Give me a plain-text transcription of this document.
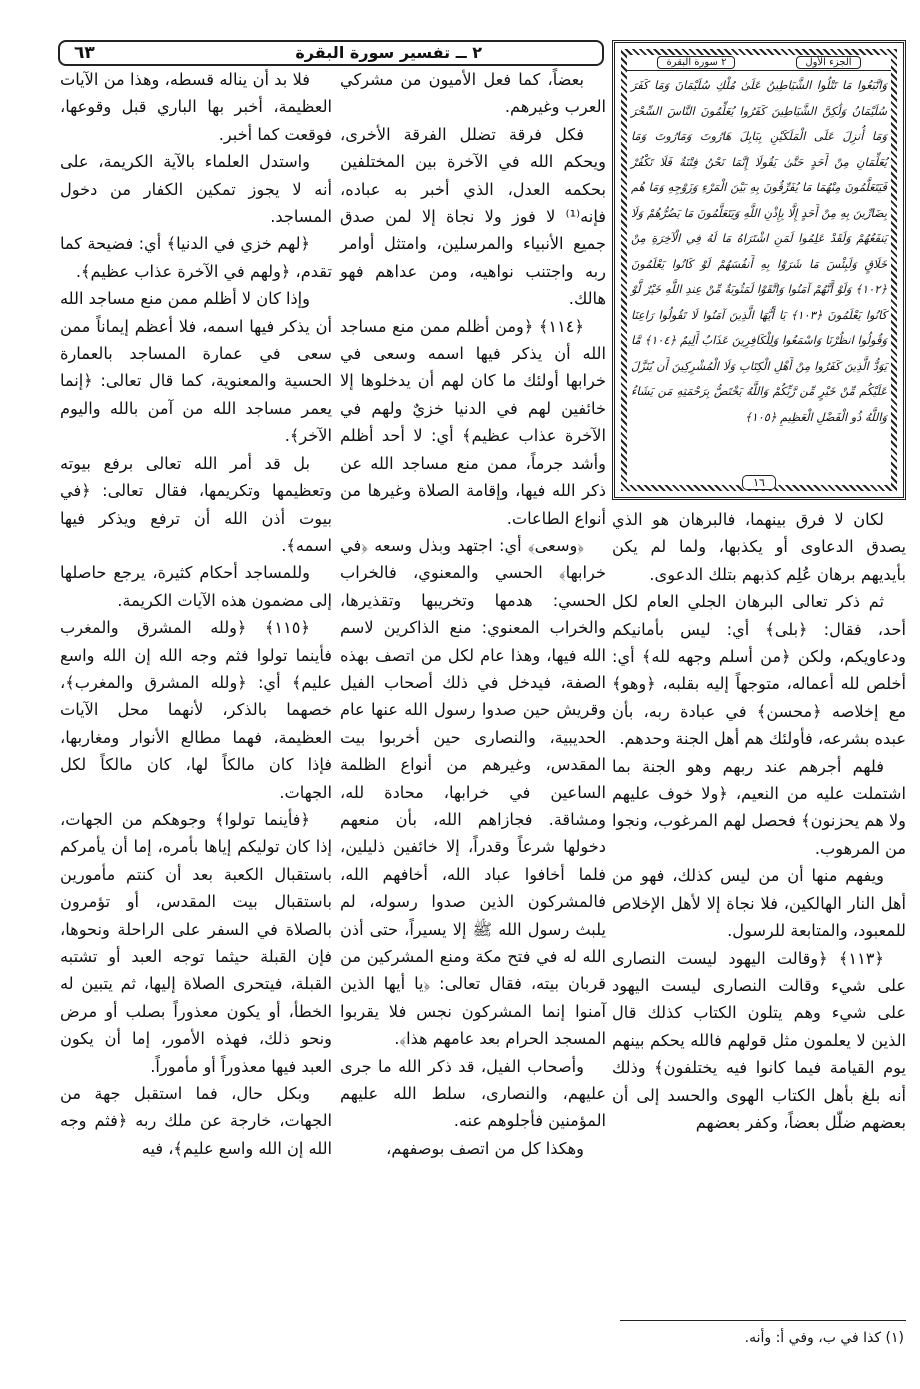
٦٣	٢ ــ تفسير سورة البقرة
الجزء الأول
٢ سورة البقرة
وَاتَّبَعُوا مَا تَتْلُوا الشَّيَاطِينُ عَلَىٰ مُلْكِ سُلَيْمَانَ وَمَا كَفَرَ سُلَيْمَانُ وَلَٰكِنَّ الشَّيَاطِينَ كَفَرُوا يُعَلِّمُونَ النَّاسَ السِّحْرَ وَمَا أُنزِلَ عَلَى الْمَلَكَيْنِ بِبَابِلَ هَارُوتَ وَمَارُوتَ وَمَا يُعَلِّمَانِ مِنْ أَحَدٍ حَتَّىٰ يَقُولَا إِنَّمَا نَحْنُ فِتْنَةٌ فَلَا تَكْفُرْ فَيَتَعَلَّمُونَ مِنْهُمَا مَا يُفَرِّقُونَ بِهِ بَيْنَ الْمَرْءِ وَزَوْجِهِ وَمَا هُم بِضَارِّينَ بِهِ مِنْ أَحَدٍ إِلَّا بِإِذْنِ اللَّهِ وَيَتَعَلَّمُونَ مَا يَضُرُّهُمْ وَلَا يَنفَعُهُمْ وَلَقَدْ عَلِمُوا لَمَنِ اشْتَرَاهُ مَا لَهُ فِي الْآخِرَةِ مِنْ خَلَاقٍ وَلَبِئْسَ مَا شَرَوْا بِهِ أَنفُسَهُمْ لَوْ كَانُوا يَعْلَمُونَ ﴿١٠٢﴾ وَلَوْ أَنَّهُمْ آمَنُوا وَاتَّقَوْا لَمَثُوبَةٌ مِّنْ عِندِ اللَّهِ خَيْرٌ لَّوْ كَانُوا يَعْلَمُونَ ﴿١٠٣﴾ يَا أَيُّهَا الَّذِينَ آمَنُوا لَا تَقُولُوا رَاعِنَا وَقُولُوا انظُرْنَا وَاسْمَعُوا وَلِلْكَافِرِينَ عَذَابٌ أَلِيمٌ ﴿١٠٤﴾ مَّا يَوَدُّ الَّذِينَ كَفَرُوا مِنْ أَهْلِ الْكِتَابِ وَلَا الْمُشْرِكِينَ أَن يُنَزَّلَ عَلَيْكُم مِّنْ خَيْرٍ مِّن رَّبِّكُمْ وَاللَّهُ يَخْتَصُّ بِرَحْمَتِهِ مَن يَشَاءُ وَاللَّهُ ذُو الْفَضْلِ الْعَظِيمِ ﴿١٠٥﴾
١٦

لكان لا فرق بينهما، فالبرهان هو الذي يصدق الدعاوى أو يكذبها، ولما لم يكن بأيديهم برهان عُلِم كذبهم بتلك الدعوى.

ثم ذكر تعالى البرهان الجلي العام لكل أحد، فقال: ﴿بلى﴾ أي: ليس بأمانيكم ودعاويكم، ولكن ﴿من أسلم وجهه لله﴾ أي: أخلص لله أعماله، متوجهاً إليه بقلبه، ﴿وهو﴾ مع إخلاصه ﴿محسن﴾ في عبادة ربه، بأن عبده بشرعه، فأولئك هم أهل الجنة وحدهم.

فلهم أجرهم عند ربهم وهو الجنة بما اشتملت عليه من النعيم، ﴿ولا خوف عليهم ولا هم يحزنون﴾ فحصل لهم المرغوب، ونجوا من المرهوب.

ويفهم منها أن من ليس كذلك، فهو من أهل النار الهالكين، فلا نجاة إلا لأهل الإخلاص للمعبود، والمتابعة للرسول.

﴿١١٣﴾ ﴿وقالت اليهود ليست النصارى على شيء وقالت النصارى ليست اليهود على شيء وهم يتلون الكتاب كذلك قال الذين لا يعلمون مثل قولهم فالله يحكم بينهم يوم القيامة فيما كانوا فيه يختلفون﴾ وذلك أنه بلغ بأهل الكتاب الهوى والحسد إلى أن بعضهم ضلّل بعضاً، وكفر بعضهم

بعضاً، كما فعل الأميون من مشركي العرب وغيرهم.

فكل فرقة تضلل الفرقة الأخرى، ويحكم الله في الآخرة بين المختلفين بحكمه العدل، الذي أخبر به عباده، فإنه⁽¹⁾ لا فوز ولا نجاة إلا لمن صدق جميع الأنبياء والمرسلين، وامتثل أوامر ربه واجتنب نواهيه، ومن عداهم فهو هالك.

﴿١١٤﴾ ﴿ومن أظلم ممن منع مساجد الله أن يذكر فيها اسمه وسعى في خرابها أولئك ما كان لهم أن يدخلوها إلا خائفين لهم في الدنيا خزيٌ ولهم في الآخرة عذاب عظيم﴾ أي: لا أحد أظلم وأشد جرماً، ممن منع مساجد الله عن ذكر الله فيها، وإقامة الصلاة وغيرها من أنواع الطاعات.

﴿وسعى﴾ أي: اجتهد وبذل وسعه ﴿في خرابها﴾ الحسي والمعنوي، فالخراب الحسي: هدمها وتخريبها وتقذيرها، والخراب المعنوي: منع الذاكرين لاسم الله فيها، وهذا عام لكل من اتصف بهذه الصفة، فيدخل في ذلك أصحاب الفيل وقريش حين صدوا رسول الله عنها عام الحديبية، والنصارى حين أخربوا بيت المقدس، وغيرهم من أنواع الظلمة الساعين في خرابها، محادة لله، ومشاقة. فجازاهم الله، بأن منعهم دخولها شرعاً وقدراً، إلا خائفين ذليلين، فلما أخافوا عباد الله، أخافهم الله، فالمشركون الذين صدوا رسوله، لم يلبث رسول الله ﷺ إلا يسيراً، حتى أذن الله له في فتح مكة ومنع المشركين من قربان بيته، فقال تعالى: ﴿يا أيها الذين آمنوا إنما المشركون نجس فلا يقربوا المسجد الحرام بعد عامهم هذا﴾.

وأصحاب الفيل، قد ذكر الله ما جرى عليهم، والنصارى، سلط الله عليهم المؤمنين فأجلوهم عنه.

وهكذا كل من اتصف بوصفهم،

فلا بد أن يناله قسطه، وهذا من الآيات العظيمة، أخبر بها الباري قبل وقوعها، فوقعت كما أخبر.

واستدل العلماء بالآية الكريمة، على أنه لا يجوز تمكين الكفار من دخول المساجد.

﴿لهم خزي في الدنيا﴾ أي: فضيحة كما تقدم، ﴿ولهم في الآخرة عذاب عظيم﴾.

وإذا كان لا أظلم ممن منع مساجد الله أن يذكر فيها اسمه، فلا أعظم إيماناً ممن سعى في عمارة المساجد بالعمارة الحسية والمعنوية، كما قال تعالى: ﴿إنما يعمر مساجد الله من آمن بالله واليوم الآخر﴾.

بل قد أمر الله تعالى برفع بيوته وتعظيمها وتكريمها، فقال تعالى: ﴿في بيوت أذن الله أن ترفع ويذكر فيها اسمه﴾.

وللمساجد أحكام كثيرة، يرجع حاصلها إلى مضمون هذه الآيات الكريمة.

﴿١١٥﴾ ﴿ولله المشرق والمغرب فأينما تولوا فثم وجه الله إن الله واسع عليم﴾ أي: ﴿ولله المشرق والمغرب﴾، خصهما بالذكر، لأنهما محل الآيات العظيمة، فهما مطالع الأنوار ومغاربها، فإذا كان مالكاً لها، كان مالكاً لكل الجهات.

﴿فأينما تولوا﴾ وجوهكم من الجهات، إذا كان توليكم إياها بأمره، إما أن يأمركم باستقبال الكعبة بعد أن كنتم مأمورين باستقبال بيت المقدس، أو تؤمرون بالصلاة في السفر على الراحلة ونحوها، فإن القبلة حيثما توجه العبد أو تشتبه القبلة، فيتحرى الصلاة إليها، ثم يتبين له الخطأ، أو يكون معذوراً بصلب أو مرض ونحو ذلك، فهذه الأمور، إما أن يكون العبد فيها معذوراً أو مأموراً.

وبكل حال، فما استقبل جهة من الجهات، خارجة عن ملك ربه ﴿فثم وجه الله إن الله واسع عليم﴾، فيه

(١) كذا في ب، وفي أ: وأنه.
